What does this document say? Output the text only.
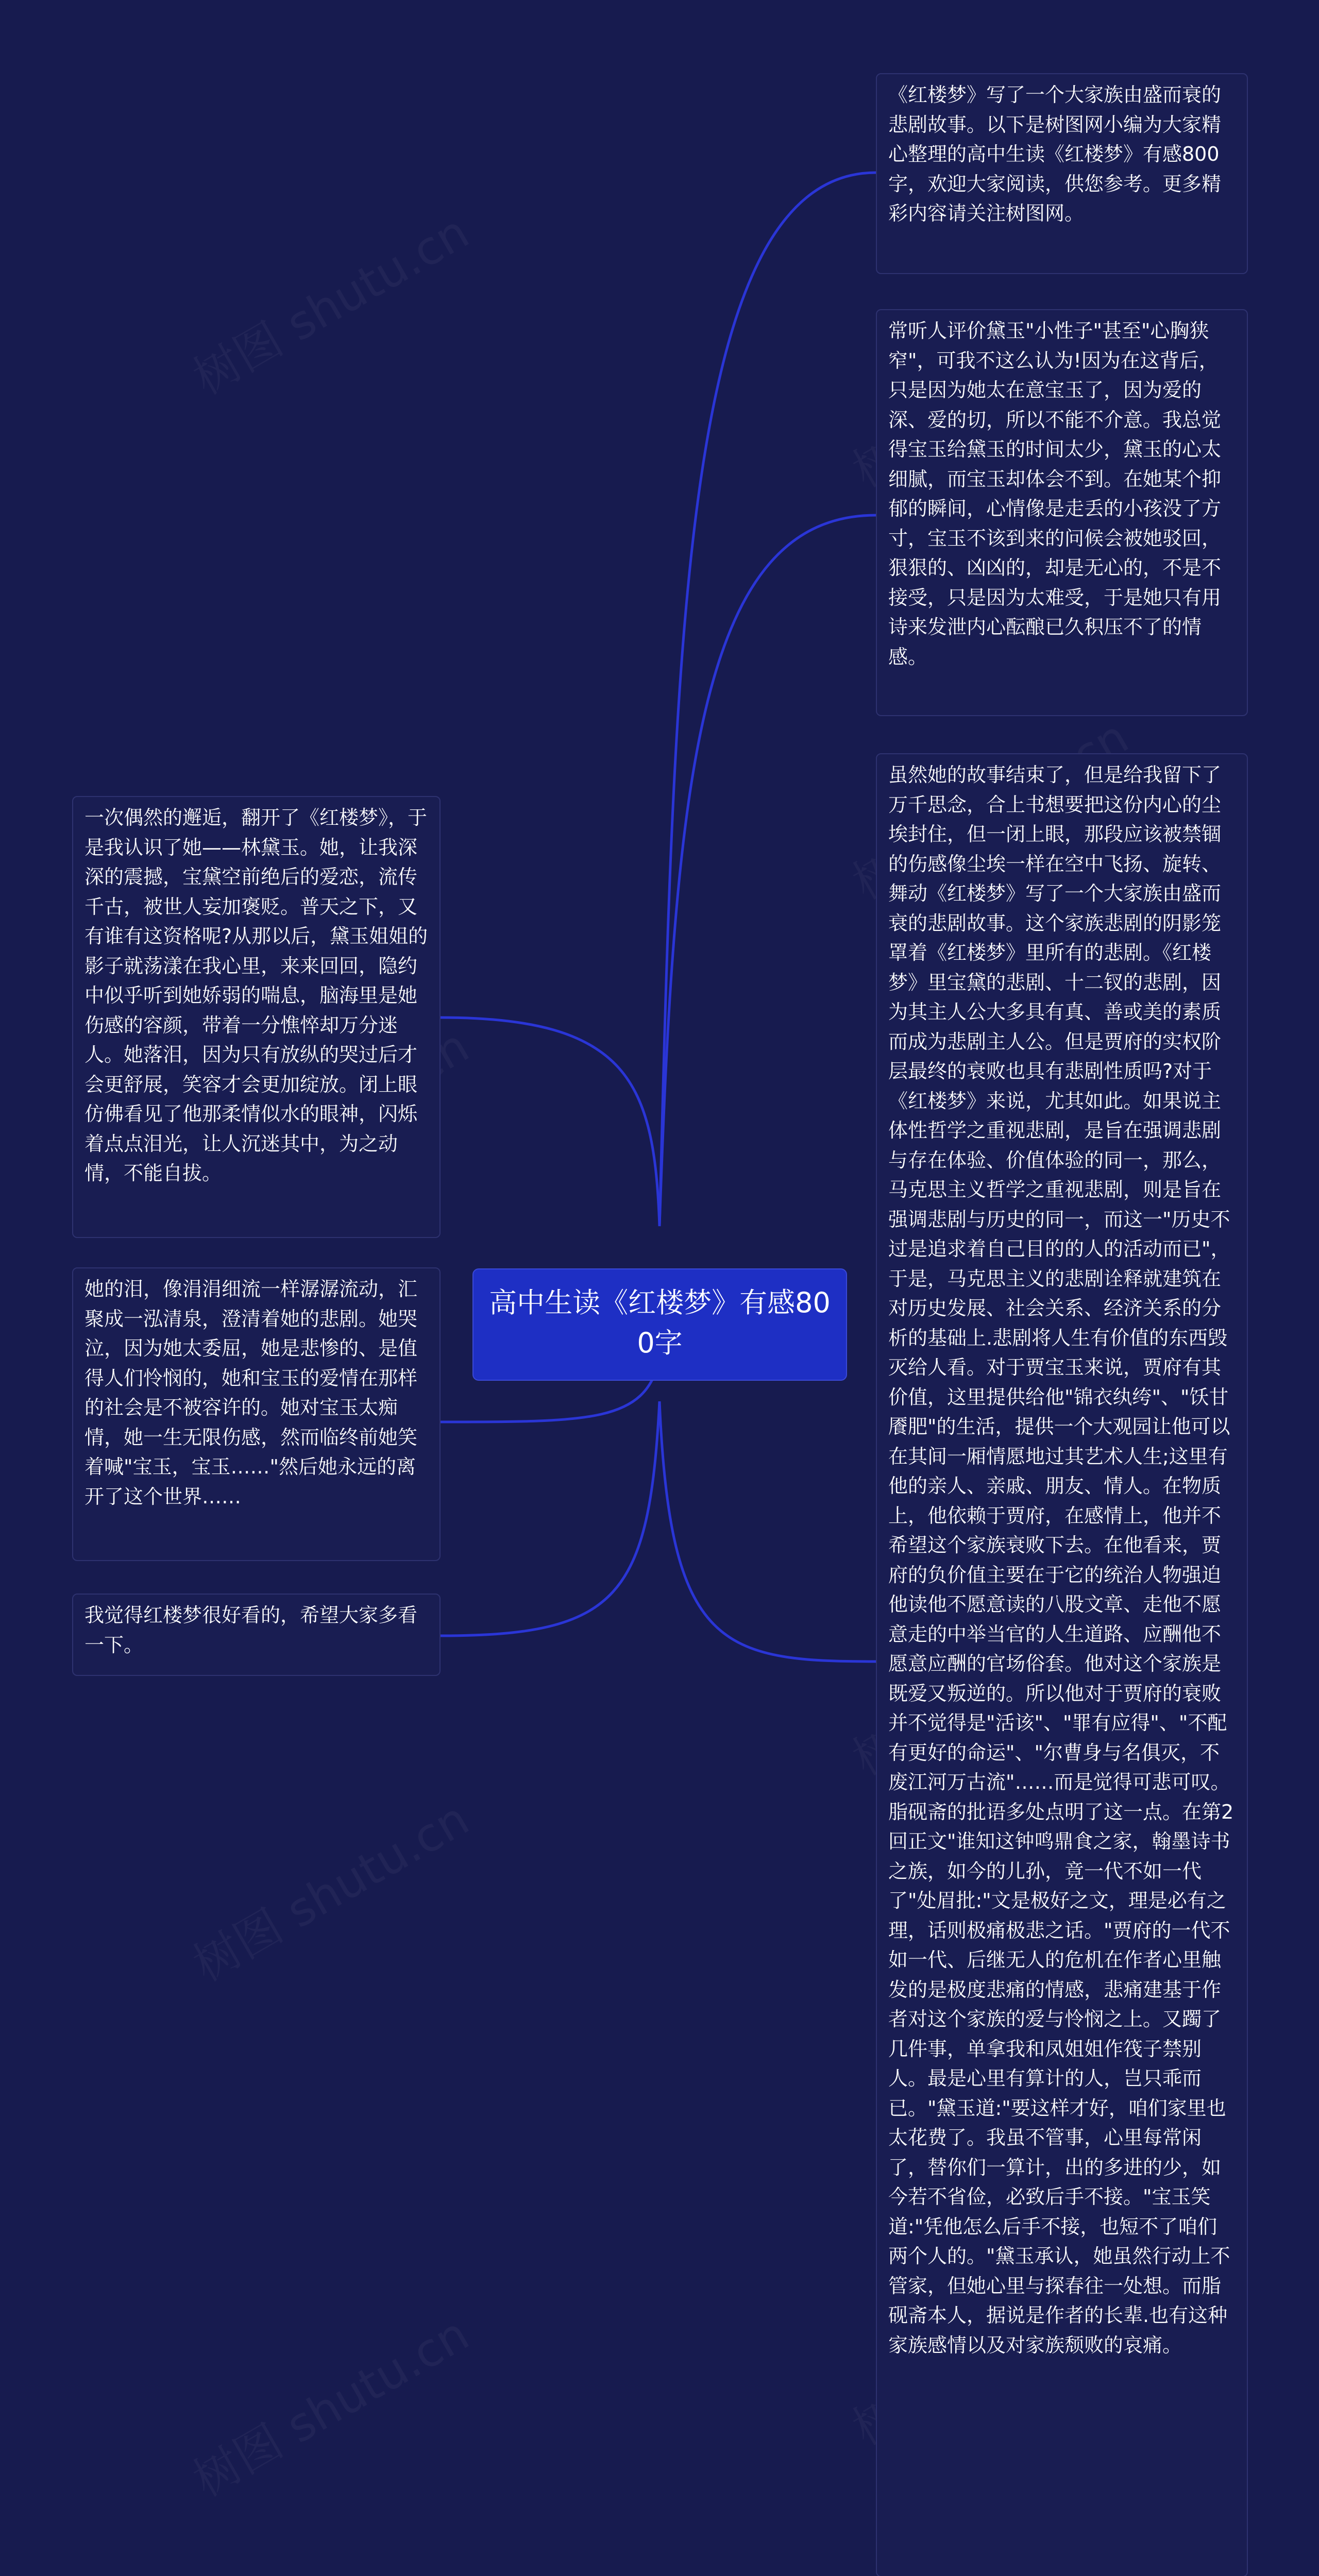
高中生读《红楼梦》有感800字
《红楼梦》写了一个大家族由盛而衰的悲剧故事。以下是树图网小编为大家精心整理的高中生读《红楼梦》有感800字，欢迎大家阅读，供您参考。更多精彩内容请关注树图网。
常听人评价黛玉"小性子"甚至"心胸狭窄"，可我不这么认为!因为在这背后，只是因为她太在意宝玉了，因为爱的深、爱的切，所以不能不介意。我总觉得宝玉给黛玉的时间太少，黛玉的心太细腻，而宝玉却体会不到。在她某个抑郁的瞬间，心情像是走丢的小孩没了方寸，宝玉不该到来的问候会被她驳回，狠狠的、凶凶的，却是无心的，不是不接受，只是因为太难受，于是她只有用诗来发泄内心酝酿已久积压不了的情感。
虽然她的故事结束了，但是给我留下了万千思念，合上书想要把这份内心的尘埃封住，但一闭上眼，那段应该被禁锢的伤感像尘埃一样在空中飞扬、旋转、舞动《红楼梦》写了一个大家族由盛而衰的悲剧故事。这个家族悲剧的阴影笼罩着《红楼梦》里所有的悲剧。《红楼梦》里宝黛的悲剧、十二钗的悲剧，因为其主人公大多具有真、善或美的素质而成为悲剧主人公。但是贾府的实权阶层最终的衰败也具有悲剧性质吗?对于《红楼梦》来说，尤其如此。如果说主体性哲学之重视悲剧，是旨在强调悲剧与存在体验、价值体验的同一，那么，马克思主义哲学之重视悲剧，则是旨在强调悲剧与历史的同一，而这一"历史不过是追求着自己目的的人的活动而已"，于是，马克思主义的悲剧诠释就建筑在对历史发展、社会关系、经济关系的分析的基础上.悲剧将人生有价值的东西毁灭给人看。对于贾宝玉来说，贾府有其价值，这里提供给他"锦衣纨绔"、"饫甘餍肥"的生活，提供一个大观园让他可以在其间一厢情愿地过其艺术人生;这里有他的亲人、亲戚、朋友、情人。在物质上，他依赖于贾府，在感情上，他并不希望这个家族衰败下去。在他看来，贾府的负价值主要在于它的统治人物强迫他读他不愿意读的八股文章、走他不愿意走的中举当官的人生道路、应酬他不愿意应酬的官场俗套。他对这个家族是既爱又叛逆的。所以他对于贾府的衰败并不觉得是"活该"、"罪有应得"、"不配有更好的命运"、"尔曹身与名俱灭，不废江河万古流"……而是觉得可悲可叹。脂砚斋的批语多处点明了这一点。在第2回正文"谁知这钟鸣鼎食之家，翰墨诗书之族，如今的儿孙，竟一代不如一代了"处眉批:"文是极好之文，理是必有之理，话则极痛极悲之话。"贾府的一代不如一代、后继无人的危机在作者心里触发的是极度悲痛的情感，悲痛建基于作者对这个家族的爱与怜悯之上。又躅了几件事，单拿我和凤姐姐作筏子禁别人。最是心里有算计的人，岂只乖而已。"黛玉道:"要这样才好，咱们家里也太花费了。我虽不管事，心里每常闲了，替你们一算计，出的多进的少，如今若不省俭，必致后手不接。"宝玉笑道:"凭他怎么后手不接，也短不了咱们两个人的。"黛玉承认，她虽然行动上不管家，但她心里与探春往一处想。而脂砚斋本人，据说是作者的长辈.也有这种家族感情以及对家族颓败的哀痛。
一次偶然的邂逅，翻开了《红楼梦》，于是我认识了她——林黛玉。她，让我深深的震撼，宝黛空前绝后的爱恋，流传千古，被世人妄加褒贬。普天之下，又有谁有这资格呢?从那以后，黛玉姐姐的影子就荡漾在我心里，来来回回，隐约中似乎听到她娇弱的喘息，脑海里是她伤感的容颜，带着一分憔悴却万分迷人。她落泪，因为只有放纵的哭过后才会更舒展，笑容才会更加绽放。闭上眼仿佛看见了他那柔情似水的眼神，闪烁着点点泪光，让人沉迷其中，为之动情，不能自拔。
她的泪，像涓涓细流一样潺潺流动，汇聚成一泓清泉，澄清着她的悲剧。她哭泣，因为她太委屈，她是悲惨的、是值得人们怜悯的，她和宝玉的爱情在那样的社会是不被容许的。她对宝玉太痴情，她一生无限伤感，然而临终前她笑着喊"宝玉，宝玉……"然后她永远的离开了这个世界……
我觉得红楼梦很好看的，希望大家多看一下。
